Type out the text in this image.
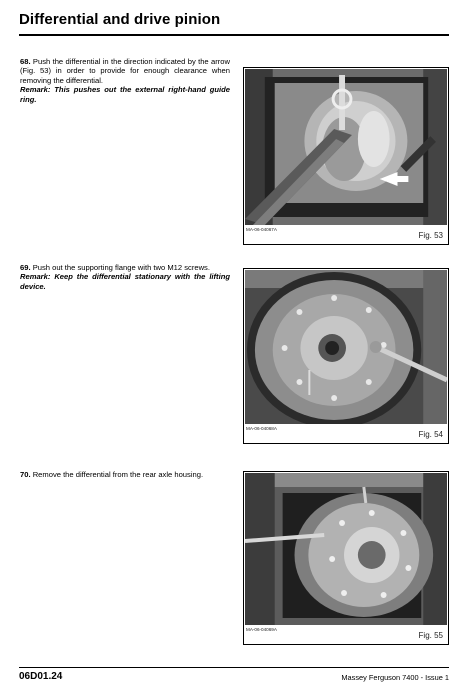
Differential and drive pinion
68. Push the differential in the direction indicated by the arrow (Fig. 53) in order to provide for enough clearance when removing the differential.
Remark: This pushes out the external right-hand guide ring.
69. Push out the supporting flange with two M12 screws.
Remark: Keep the differential stationary with the lifting device.
70. Remove the differential from the rear axle housing.
MA-06-04067A
Fig. 53
MA-06-04068A
Fig. 54
MA-06-04069A
Fig. 55
06D01.24	Massey Ferguson 7400 - Issue 1
